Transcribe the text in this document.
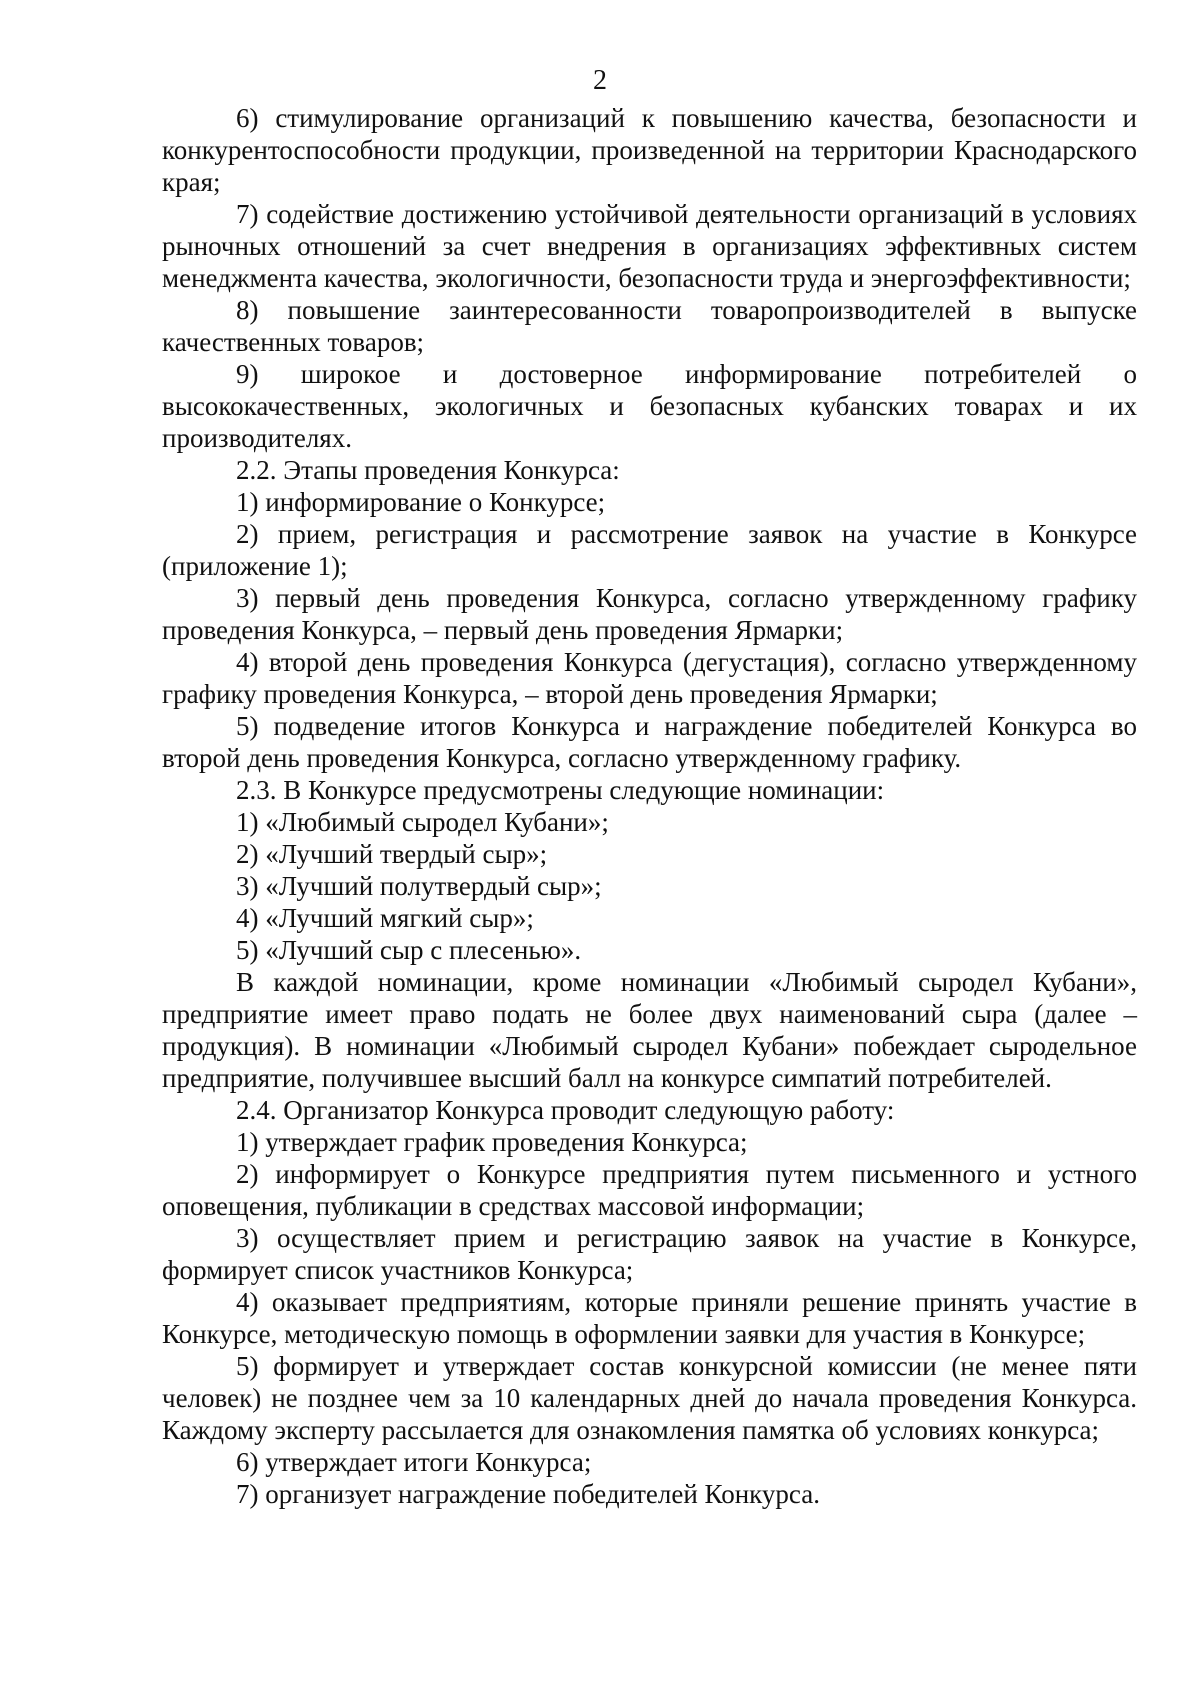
2

6) стимулирование организаций к повышению качества, безопасности и конкурентоспособности продукции, произведенной на территории Краснодарского края;

7) содействие достижению устойчивой деятельности организаций в условиях рыночных отношений за счет внедрения в организациях эффективных систем менеджмента качества, экологичности, безопасности труда и энергоэффективности;

8) повышение заинтересованности товаропроизводителей в выпуске качественных товаров;

9) широкое и достоверное информирование потребителей о высококачественных, экологичных и безопасных кубанских товарах и их производителях.

2.2. Этапы проведения Конкурса:

1) информирование о Конкурсе;

2) прием, регистрация и рассмотрение заявок на участие в Конкурсе (приложение 1);

3) первый день проведения Конкурса, согласно утвержденному графику проведения Конкурса, – первый день проведения Ярмарки;

4) второй день проведения Конкурса (дегустация), согласно утвержденному графику проведения Конкурса, – второй день проведения Ярмарки;

5) подведение итогов Конкурса и награждение победителей Конкурса во второй день проведения Конкурса, согласно утвержденному графику.

2.3. В Конкурсе предусмотрены следующие номинации:

1) «Любимый сыродел Кубани»;

2) «Лучший твердый сыр»;

3) «Лучший полутвердый сыр»;

4) «Лучший мягкий сыр»;

5) «Лучший сыр с плесенью».

В каждой номинации, кроме номинации «Любимый сыродел Кубани», предприятие имеет право подать не более двух наименований сыра (далее – продукция). В номинации «Любимый сыродел Кубани» побеждает сыродельное предприятие, получившее высший балл на конкурсе симпатий потребителей.

2.4. Организатор Конкурса проводит следующую работу:

1) утверждает график проведения Конкурса;

2) информирует о Конкурсе предприятия путем письменного и устного оповещения, публикации в средствах массовой информации;

3) осуществляет прием и регистрацию заявок на участие в Конкурсе, формирует список участников Конкурса;

4) оказывает предприятиям, которые приняли решение принять участие в Конкурсе, методическую помощь в оформлении заявки для участия в Конкурсе;

5) формирует и утверждает состав конкурсной комиссии (не менее пяти человек) не позднее чем за 10 календарных дней до начала проведения Конкурса. Каждому эксперту рассылается для ознакомления памятка об условиях конкурса;

6) утверждает итоги Конкурса;

7) организует награждение победителей Конкурса.
